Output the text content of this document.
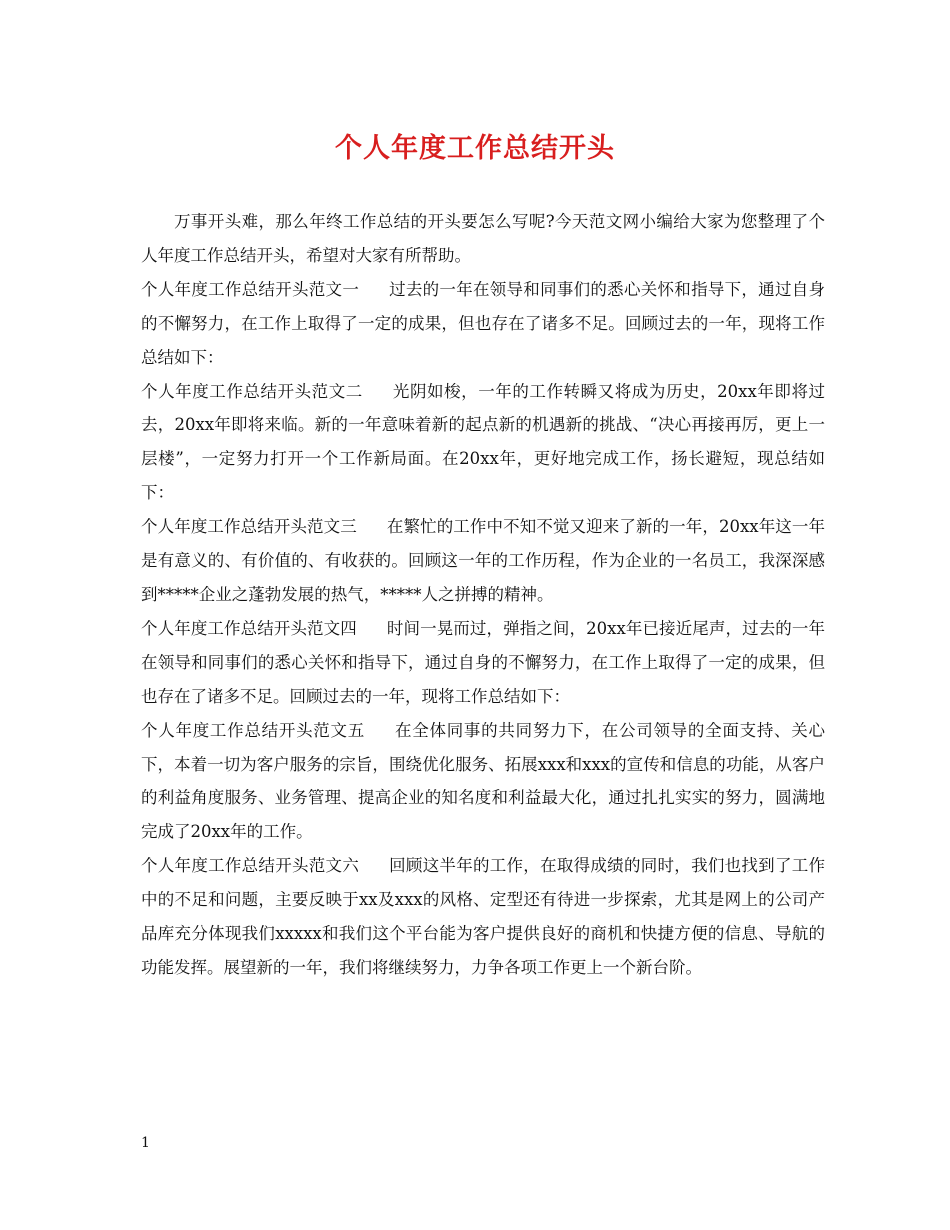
个人年度工作总结开头

万事开头难，那么年终工作总结的开头要怎么写呢?今天范文网小编给大家为您整理了个人年度工作总结开头，希望对大家有所帮助。

个人年度工作总结开头范文一 过去的一年在领导和同事们的悉心关怀和指导下，通过自身的不懈努力，在工作上取得了一定的成果，但也存在了诸多不足。回顾过去的一年，现将工作总结如下：

个人年度工作总结开头范文二 光阴如梭，一年的工作转瞬又将成为历史，20xx年即将过去，20xx年即将来临。新的一年意味着新的起点新的机遇新的挑战、“决心再接再厉，更上一层楼”，一定努力打开一个工作新局面。在20xx年，更好地完成工作，扬长避短，现总结如下：

个人年度工作总结开头范文三 在繁忙的工作中不知不觉又迎来了新的一年，20xx年这一年是有意义的、有价值的、有收获的。回顾这一年的工作历程，作为企业的一名员工，我深深感到*****企业之蓬勃发展的热气，*****人之拼搏的精神。

个人年度工作总结开头范文四 时间一晃而过，弹指之间，20xx年已接近尾声，过去的一年在领导和同事们的悉心关怀和指导下，通过自身的不懈努力，在工作上取得了一定的成果，但也存在了诸多不足。回顾过去的一年，现将工作总结如下：

个人年度工作总结开头范文五 在全体同事的共同努力下，在公司领导的全面支持、关心下，本着一切为客户服务的宗旨，围绕优化服务、拓展xxx和xxx的宣传和信息的功能，从客户的利益角度服务、业务管理、提高企业的知名度和利益最大化，通过扎扎实实的努力，圆满地完成了20xx年的工作。

个人年度工作总结开头范文六 回顾这半年的工作，在取得成绩的同时，我们也找到了工作中的不足和问题，主要反映于xx及xxx的风格、定型还有待进一步探索，尤其是网上的公司产品库充分体现我们xxxxx和我们这个平台能为客户提供良好的商机和快捷方便的信息、导航的功能发挥。展望新的一年，我们将继续努力，力争各项工作更上一个新台阶。

1
